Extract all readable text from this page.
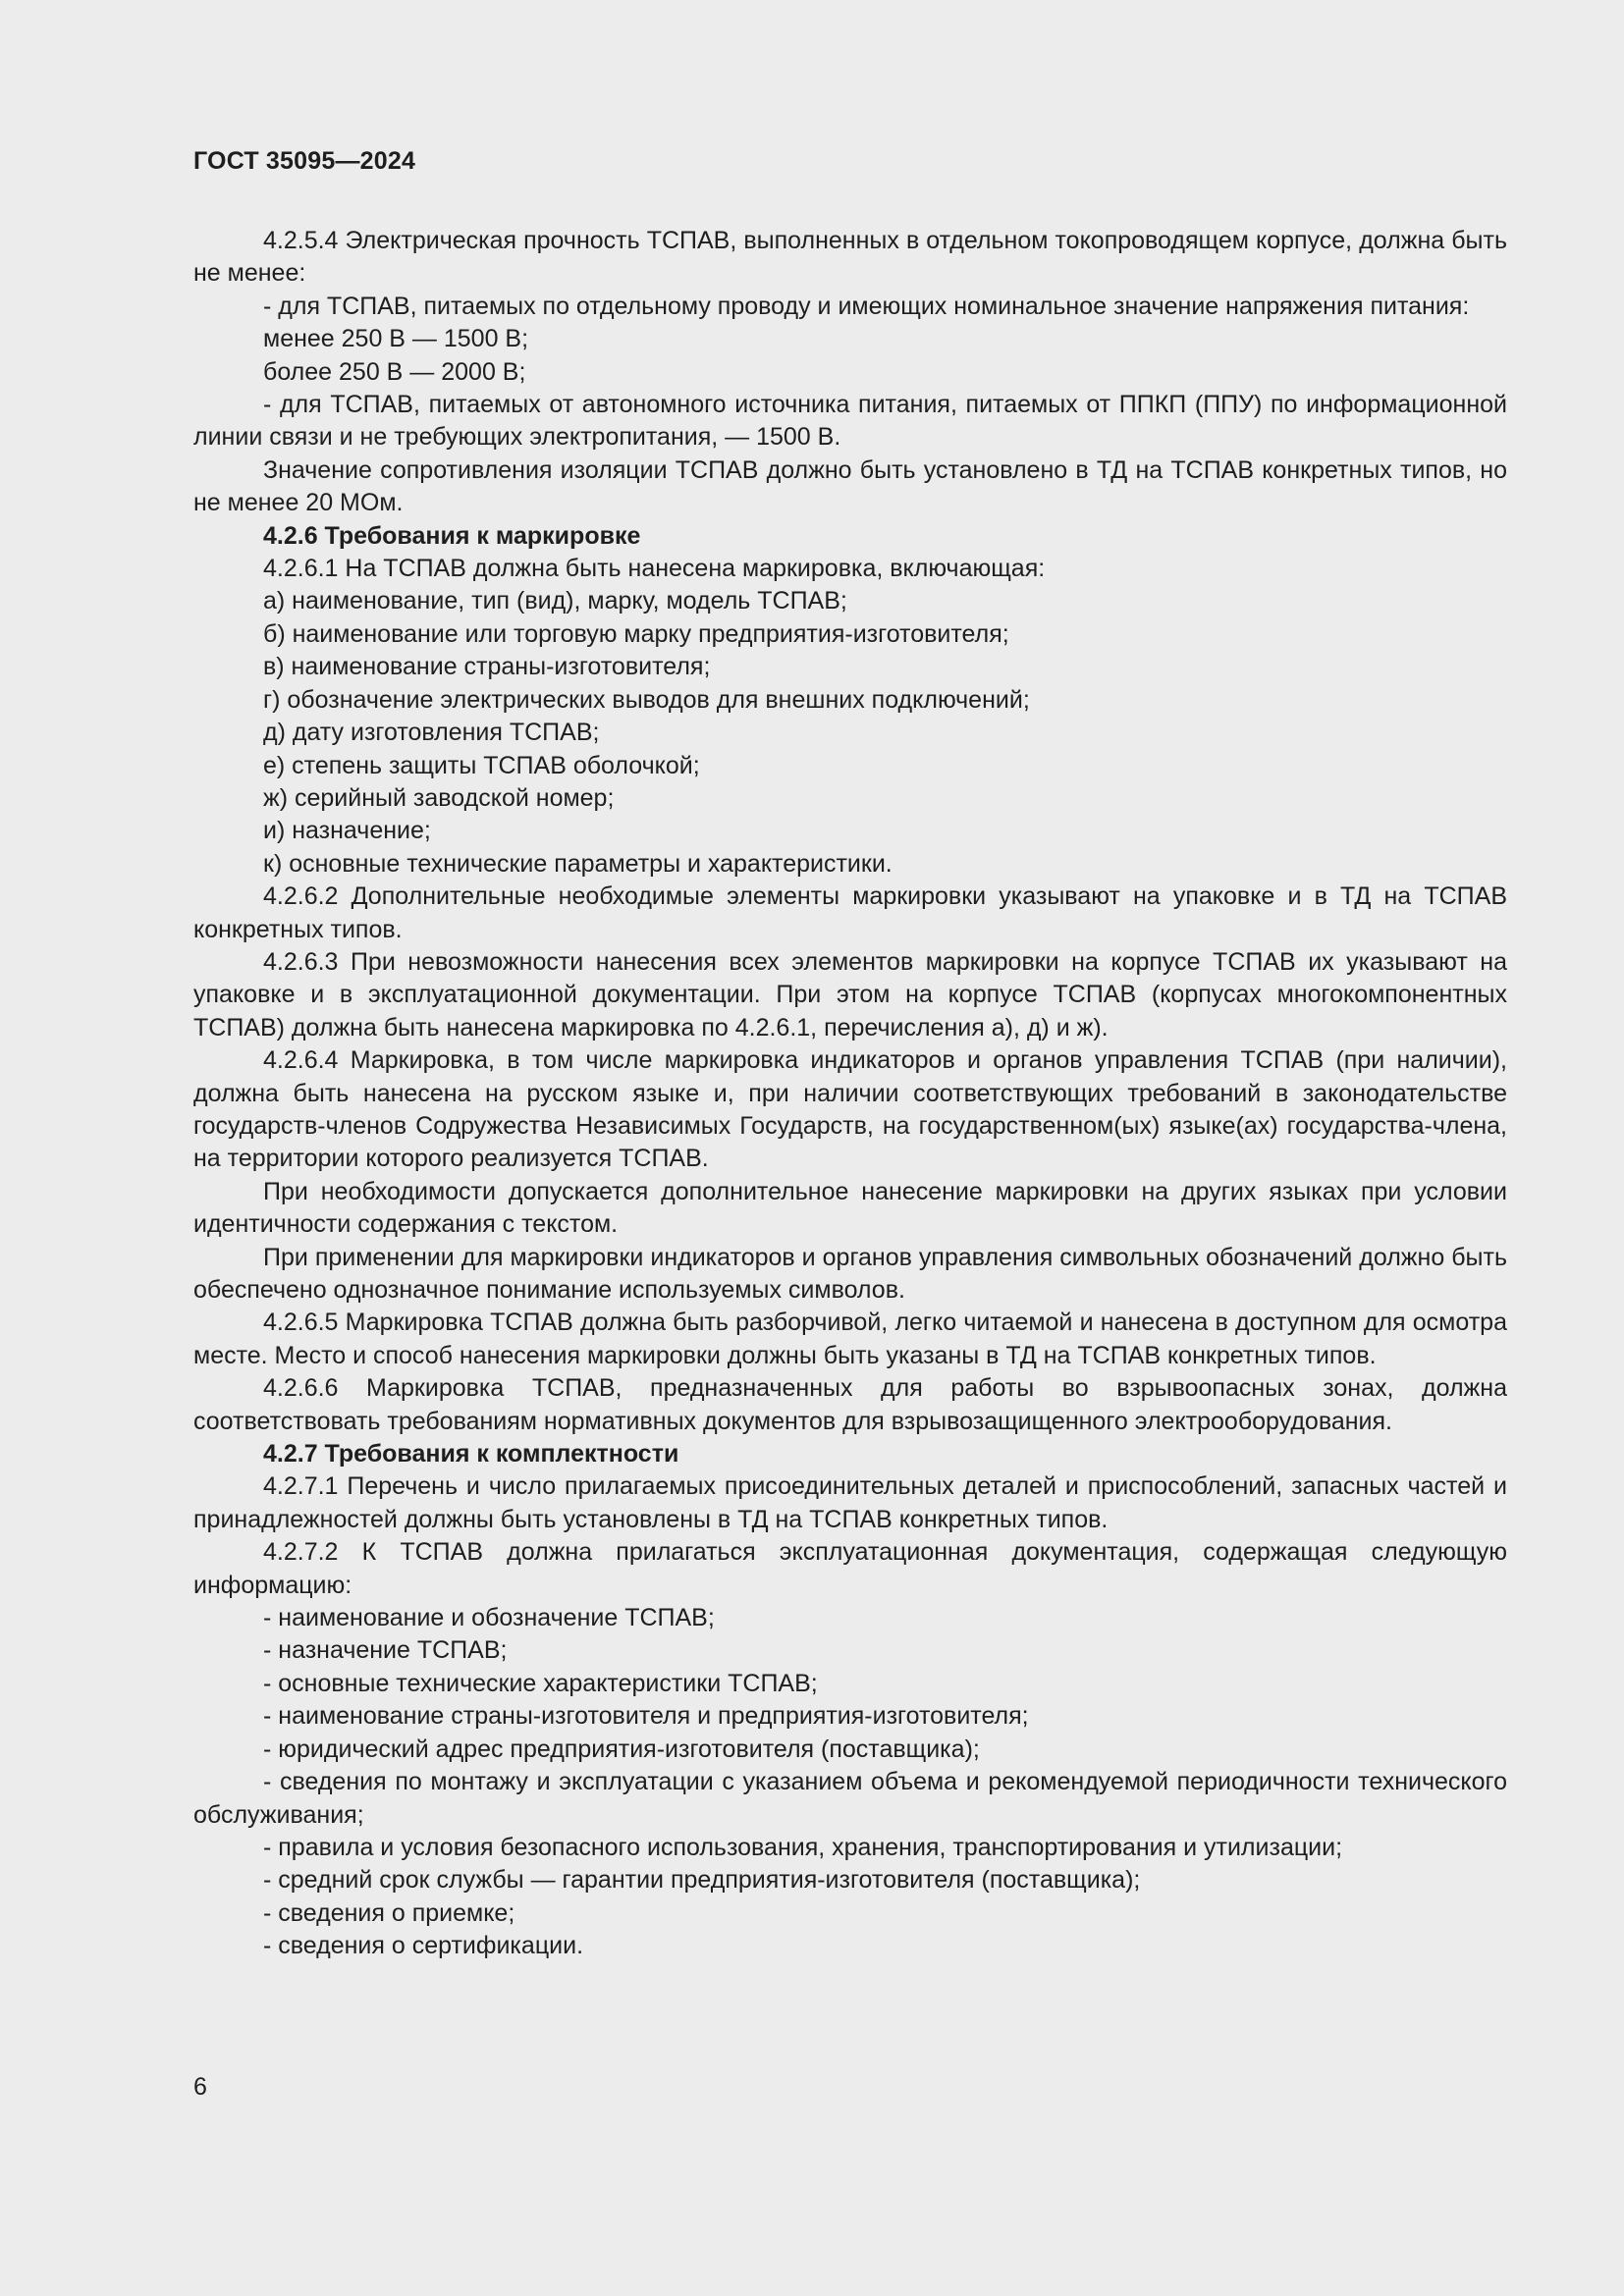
ГОСТ 35095—2024

4.2.5.4 Электрическая прочность ТСПАВ, выполненных в отдельном токопроводящем корпусе, должна быть не менее:

- для ТСПАВ, питаемых по отдельному проводу и имеющих номинальное значение напряжения питания:

менее 250 В — 1500 В;

более 250 В — 2000 В;

- для ТСПАВ, питаемых от автономного источника питания, питаемых от ППКП (ППУ) по информационной линии связи и не требующих электропитания, — 1500 В.

Значение сопротивления изоляции ТСПАВ должно быть установлено в ТД на ТСПАВ конкретных типов, но не менее 20 МОм.

4.2.6 Требования к маркировке

4.2.6.1 На ТСПАВ должна быть нанесена маркировка, включающая:

а) наименование, тип (вид), марку, модель ТСПАВ;

б) наименование или торговую марку предприятия-изготовителя;

в) наименование страны-изготовителя;

г) обозначение электрических выводов для внешних подключений;

д) дату изготовления ТСПАВ;

е) степень защиты ТСПАВ оболочкой;

ж) серийный заводской номер;

и) назначение;

к) основные технические параметры и характеристики.

4.2.6.2 Дополнительные необходимые элементы маркировки указывают на упаковке и в ТД на ТСПАВ конкретных типов.

4.2.6.3 При невозможности нанесения всех элементов маркировки на корпусе ТСПАВ их указывают на упаковке и в эксплуатационной документации. При этом на корпусе ТСПАВ (корпусах многокомпонентных ТСПАВ) должна быть нанесена маркировка по 4.2.6.1, перечисления а), д) и ж).

4.2.6.4 Маркировка, в том числе маркировка индикаторов и органов управления ТСПАВ (при наличии), должна быть нанесена на русском языке и, при наличии соответствующих требований в законодательстве государств-членов Содружества Независимых Государств, на государственном(ых) языке(ах) государства-члена, на территории которого реализуется ТСПАВ.

При необходимости допускается дополнительное нанесение маркировки на других языках при условии идентичности содержания с текстом.

При применении для маркировки индикаторов и органов управления символьных обозначений должно быть обеспечено однозначное понимание используемых символов.

4.2.6.5 Маркировка ТСПАВ должна быть разборчивой, легко читаемой и нанесена в доступном для осмотра месте. Место и способ нанесения маркировки должны быть указаны в ТД на ТСПАВ конкретных типов.

4.2.6.6 Маркировка ТСПАВ, предназначенных для работы во взрывоопасных зонах, должна соответствовать требованиям нормативных документов для взрывозащищенного электрооборудования.

4.2.7 Требования к комплектности

4.2.7.1 Перечень и число прилагаемых присоединительных деталей и приспособлений, запасных частей и принадлежностей должны быть установлены в ТД на ТСПАВ конкретных типов.

4.2.7.2 К ТСПАВ должна прилагаться эксплуатационная документация, содержащая следующую информацию:

- наименование и обозначение ТСПАВ;

- назначение ТСПАВ;

- основные технические характеристики ТСПАВ;

- наименование страны-изготовителя и предприятия-изготовителя;

- юридический адрес предприятия-изготовителя (поставщика);

- сведения по монтажу и эксплуатации с указанием объема и рекомендуемой периодичности технического обслуживания;

- правила и условия безопасного использования, хранения, транспортирования и утилизации;

- средний срок службы — гарантии предприятия-изготовителя (поставщика);

- сведения о приемке;

- сведения о сертификации.

6
